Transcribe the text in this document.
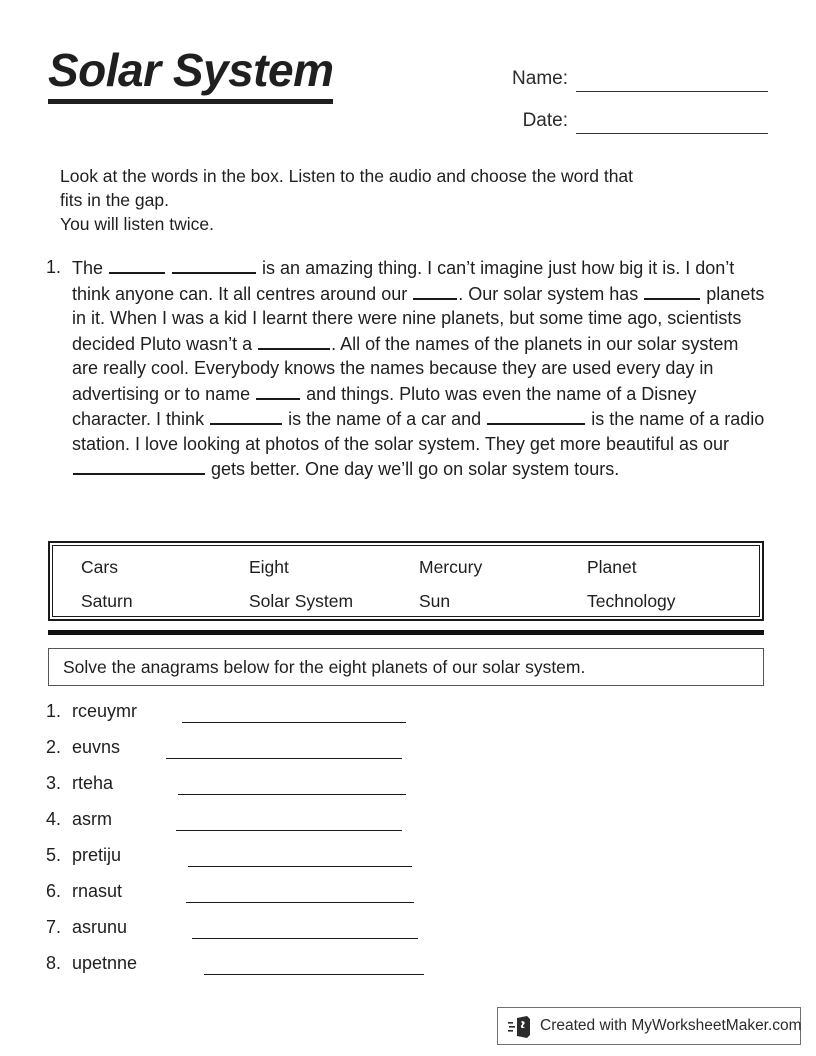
Solar System	Name:
Date:
Look at the words in the box. Listen to the audio and choose the word that
fits in the gap.
You will listen twice.
1. The	is an amazing thing. I can’t imagine just how big it is. I don’t think anyone can. It all centres around our	. Our solar system has	planets in it. When I was a kid I learnt there were nine planets, but some time ago, scientists decided Pluto wasn’t a	. All of the names of the planets in our solar system are really cool. Everybody knows the names because they are used every day in advertising or to name	and things. Pluto was even the name of a Disney character. I think	is the name of a car and	is the name of a radio station. I love looking at photos of the solar system. They get more beautiful as our  gets better. One day we’ll go on solar system tours.
Cars	Eight	Mercury	Planet
Saturn	Solar System	Sun	Technology
Solve the anagrams below for the eight planets of our solar system.
1. rceuymr
2. euvns
3. rteha
4. asrm
5. pretiju
6. rnasut
7. asrunu
8. upetnne
Created with MyWorksheetMaker.com
